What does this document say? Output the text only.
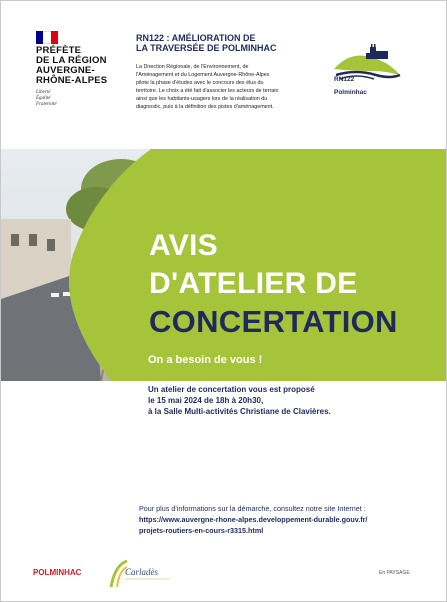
PRÉFÈTE
DE LA RÉGION
AUVERGNE-
RHÔNE-ALPES
Liberté
Égalité
Fraternité
RN122 : AMÉLIORATION DE
LA TRAVERSÉE DE POLMINHAC
La Direction Régionale, de l'Environnement, de
l'Aménagement et du Logement Auvergne-Rhône-Alpes
pilote la phase d'études avec le concours des élus du
territoire. Le choix a été fait d'associer les acteurs de terrain
ainsi que les habitants-usagers lors de la réalisation du
diagnostic, puis à la définition des pistes d'aménagement.
RN122
Polminhac
AVIS
D'ATELIER DE
CONCERTATION
On a besoin de vous !
Un atelier de concertation vous est proposé
le 15 mai 2024 de 18h à 20h30,
à la Salle Multi-activités Christiane de Clavières.
Pour plus d'informations sur la démarche, consultez notre site Internet :
https://www.auvergne-rhone-alpes.developpement-durable.gouv.fr/
projets-routiers-en-cours-r3315.html
POLMINHAC	Carladès	En PAYSAGE
